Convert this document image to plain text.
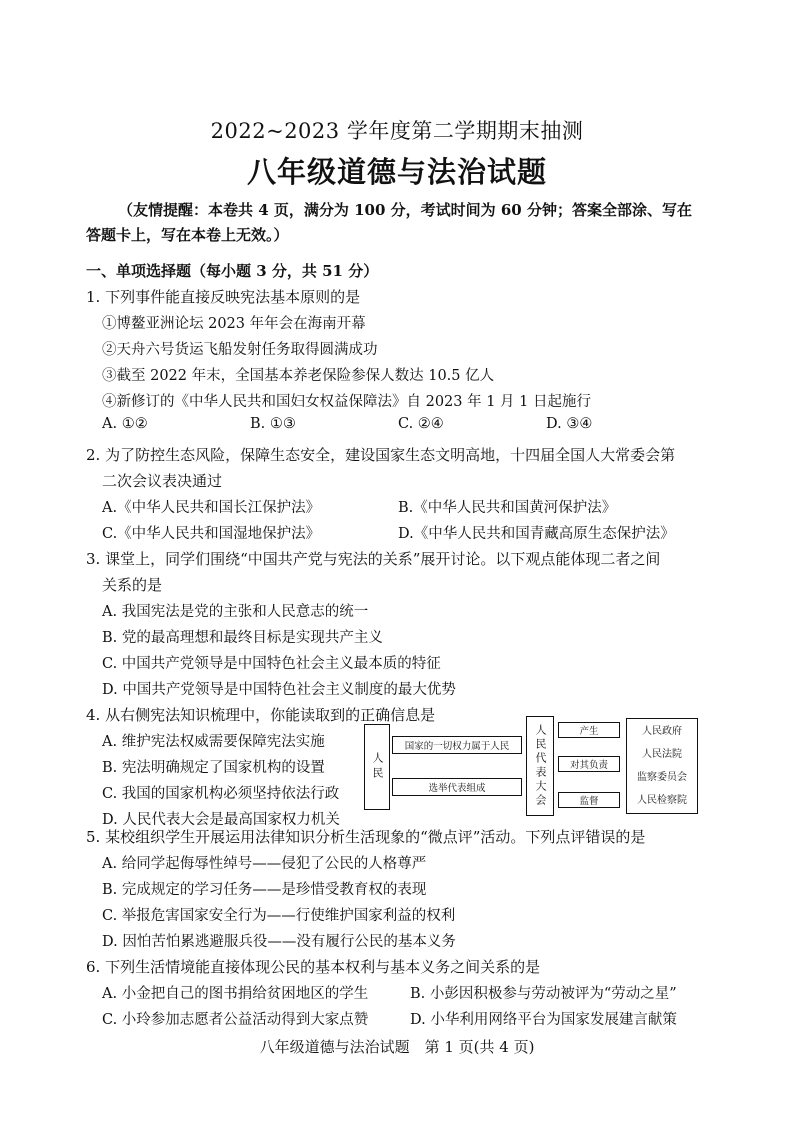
2022~2023 学年度第二学期期末抽测
八年级道德与法治试题
（友情提醒：本卷共 4 页，满分为 100 分，考试时间为 60 分钟；答案全部涂、写在答题卡上，写在本卷上无效。）
一、单项选择题（每小题 3 分，共 51 分）
1. 下列事件能直接反映宪法基本原则的是
①博鳌亚洲论坛 2023 年年会在海南开幕
②天舟六号货运飞船发射任务取得圆满成功
③截至 2022 年末，全国基本养老保险参保人数达 10.5 亿人
④新修订的《中华人民共和国妇女权益保障法》自 2023 年 1 月 1 日起施行
A. ①②	B. ①③	C. ②④	D. ③④
2. 为了防控生态风险，保障生态安全，建设国家生态文明高地，十四届全国人大常委会第
二次会议表决通过
A.《中华人民共和国长江保护法》	B.《中华人民共和国黄河保护法》
C.《中华人民共和国湿地保护法》	D.《中华人民共和国青藏高原生态保护法》
3. 课堂上，同学们围绕“中国共产党与宪法的关系”展开讨论。以下观点能体现二者之间
关系的是
A. 我国宪法是党的主张和人民意志的统一
B. 党的最高理想和最终目标是实现共产主义
C. 中国共产党领导是中国特色社会主义最本质的特征
D. 中国共产党领导是中国特色社会主义制度的最大优势
4. 从右侧宪法知识梳理中，你能读取到的正确信息是
A. 维护宪法权威需要保障宪法实施
B. 宪法明确规定了国家机构的设置
C. 我国的国家机构必须坚持依法行政
D. 人民代表大会是最高国家权力机关
人民
国家的一切权力属于人民
选举代表组成	人民代表大会	产生
对其负责
监督
人民政府
人民法院
监察委员会
人民检察院
5. 某校组织学生开展运用法律知识分析生活现象的“微点评”活动。下列点评错误的是
A. 给同学起侮辱性绰号——侵犯了公民的人格尊严
B. 完成规定的学习任务——是珍惜受教育权的表现
C. 举报危害国家安全行为——行使维护国家利益的权利
D. 因怕苦怕累逃避服兵役——没有履行公民的基本义务
6. 下列生活情境能直接体现公民的基本权利与基本义务之间关系的是
A. 小金把自己的图书捐给贫困地区的学生	B. 小彭因积极参与劳动被评为“劳动之星”
C. 小玲参加志愿者公益活动得到大家点赞	D. 小华利用网络平台为国家发展建言献策
八年级道德与法治试题　第 1 页(共 4 页)
